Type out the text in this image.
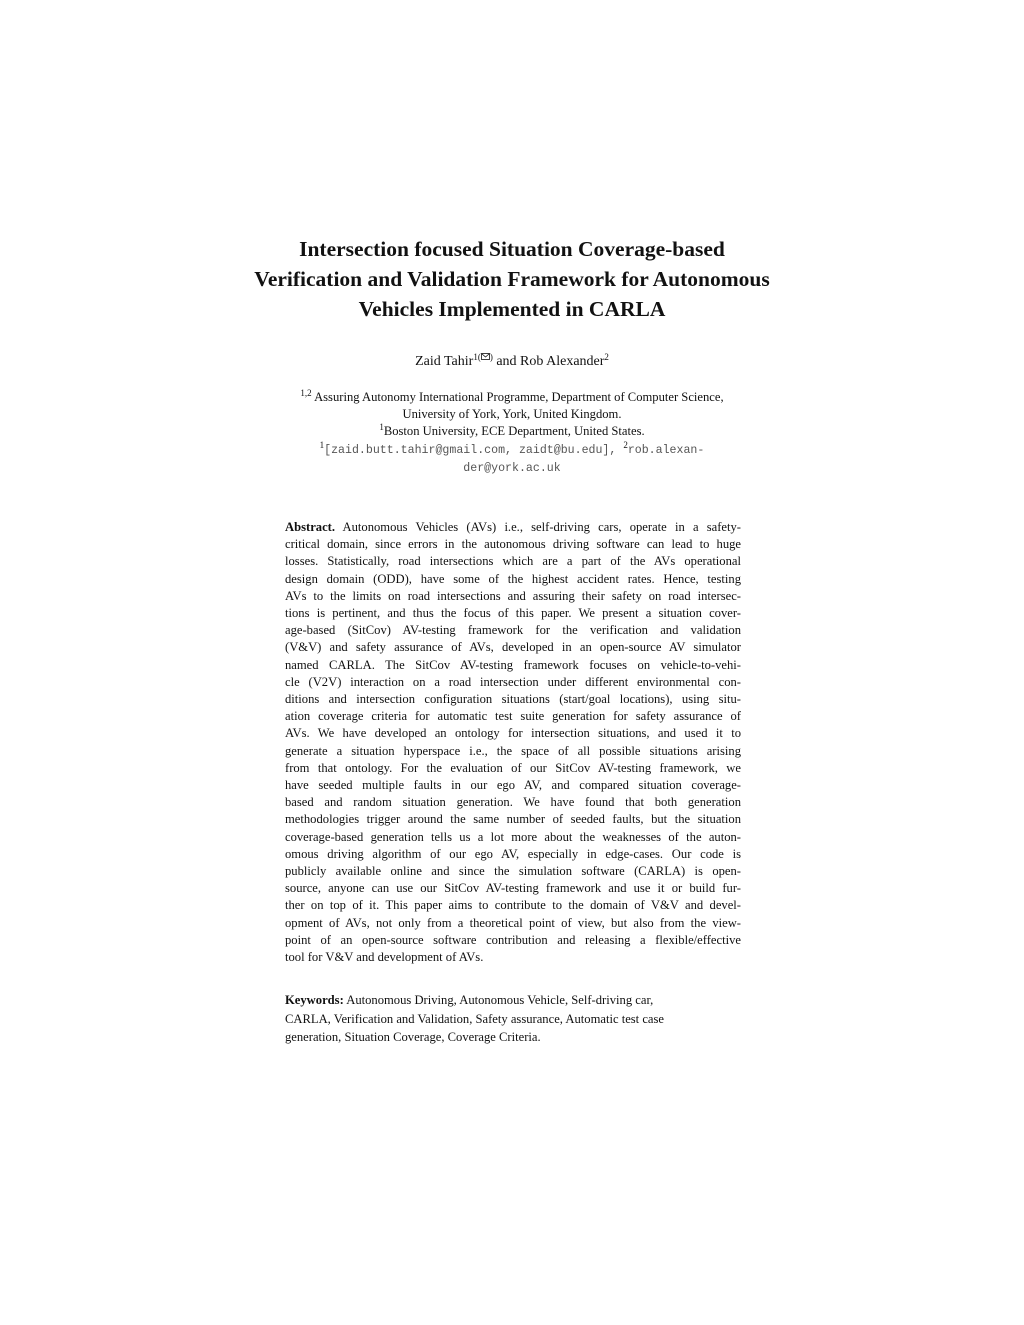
Intersection focused Situation Coverage-based
Verification and Validation Framework for Autonomous
Vehicles Implemented in CARLA
Zaid Tahir$^{1( )}$ and Rob Alexander$^2$
$^{1,2}$ Assuring Autonomy International Programme, Department of Computer Science,
University of York, York, United Kingdom.
$^1$Boston University, ECE Department, United States.
$^1$[zaid.butt.tahir@gmail.com, zaidt@bu.edu], $^2$rob.alexan-
der@york.ac.uk
Abstract. Autonomous Vehicles (AVs) i.e., self-driving cars, operate in a safety-
critical domain, since errors in the autonomous driving software can lead to huge
losses. Statistically, road intersections which are a part of the AVs operational
design domain (ODD), have some of the highest accident rates. Hence, testing
AVs to the limits on road intersections and assuring their safety on road intersec-
tions is pertinent, and thus the focus of this paper. We present a situation cover-
age-based (SitCov) AV-testing framework for the verification and validation
(V&V) and safety assurance of AVs, developed in an open-source AV simulator
named CARLA. The SitCov AV-testing framework focuses on vehicle-to-vehi-
cle (V2V) interaction on a road intersection under different environmental con-
ditions and intersection configuration situations (start/goal locations), using situ-
ation coverage criteria for automatic test suite generation for safety assurance of
AVs. We have developed an ontology for intersection situations, and used it to
generate a situation hyperspace i.e., the space of all possible situations arising
from that ontology. For the evaluation of our SitCov AV-testing framework, we
have seeded multiple faults in our ego AV, and compared situation coverage-
based and random situation generation. We have found that both generation
methodologies trigger around the same number of seeded faults, but the situation
coverage-based generation tells us a lot more about the weaknesses of the auton-
omous driving algorithm of our ego AV, especially in edge-cases. Our code is
publicly available online and since the simulation software (CARLA) is open-
source, anyone can use our SitCov AV-testing framework and use it or build fur-
ther on top of it. This paper aims to contribute to the domain of V&V and devel-
opment of AVs, not only from a theoretical point of view, but also from the view-
point of an open-source software contribution and releasing a flexible/effective
tool for V&V and development of AVs.
Keywords: Autonomous Driving, Autonomous Vehicle, Self-driving car,
CARLA, Verification and Validation, Safety assurance, Automatic test case
generation, Situation Coverage, Coverage Criteria.
